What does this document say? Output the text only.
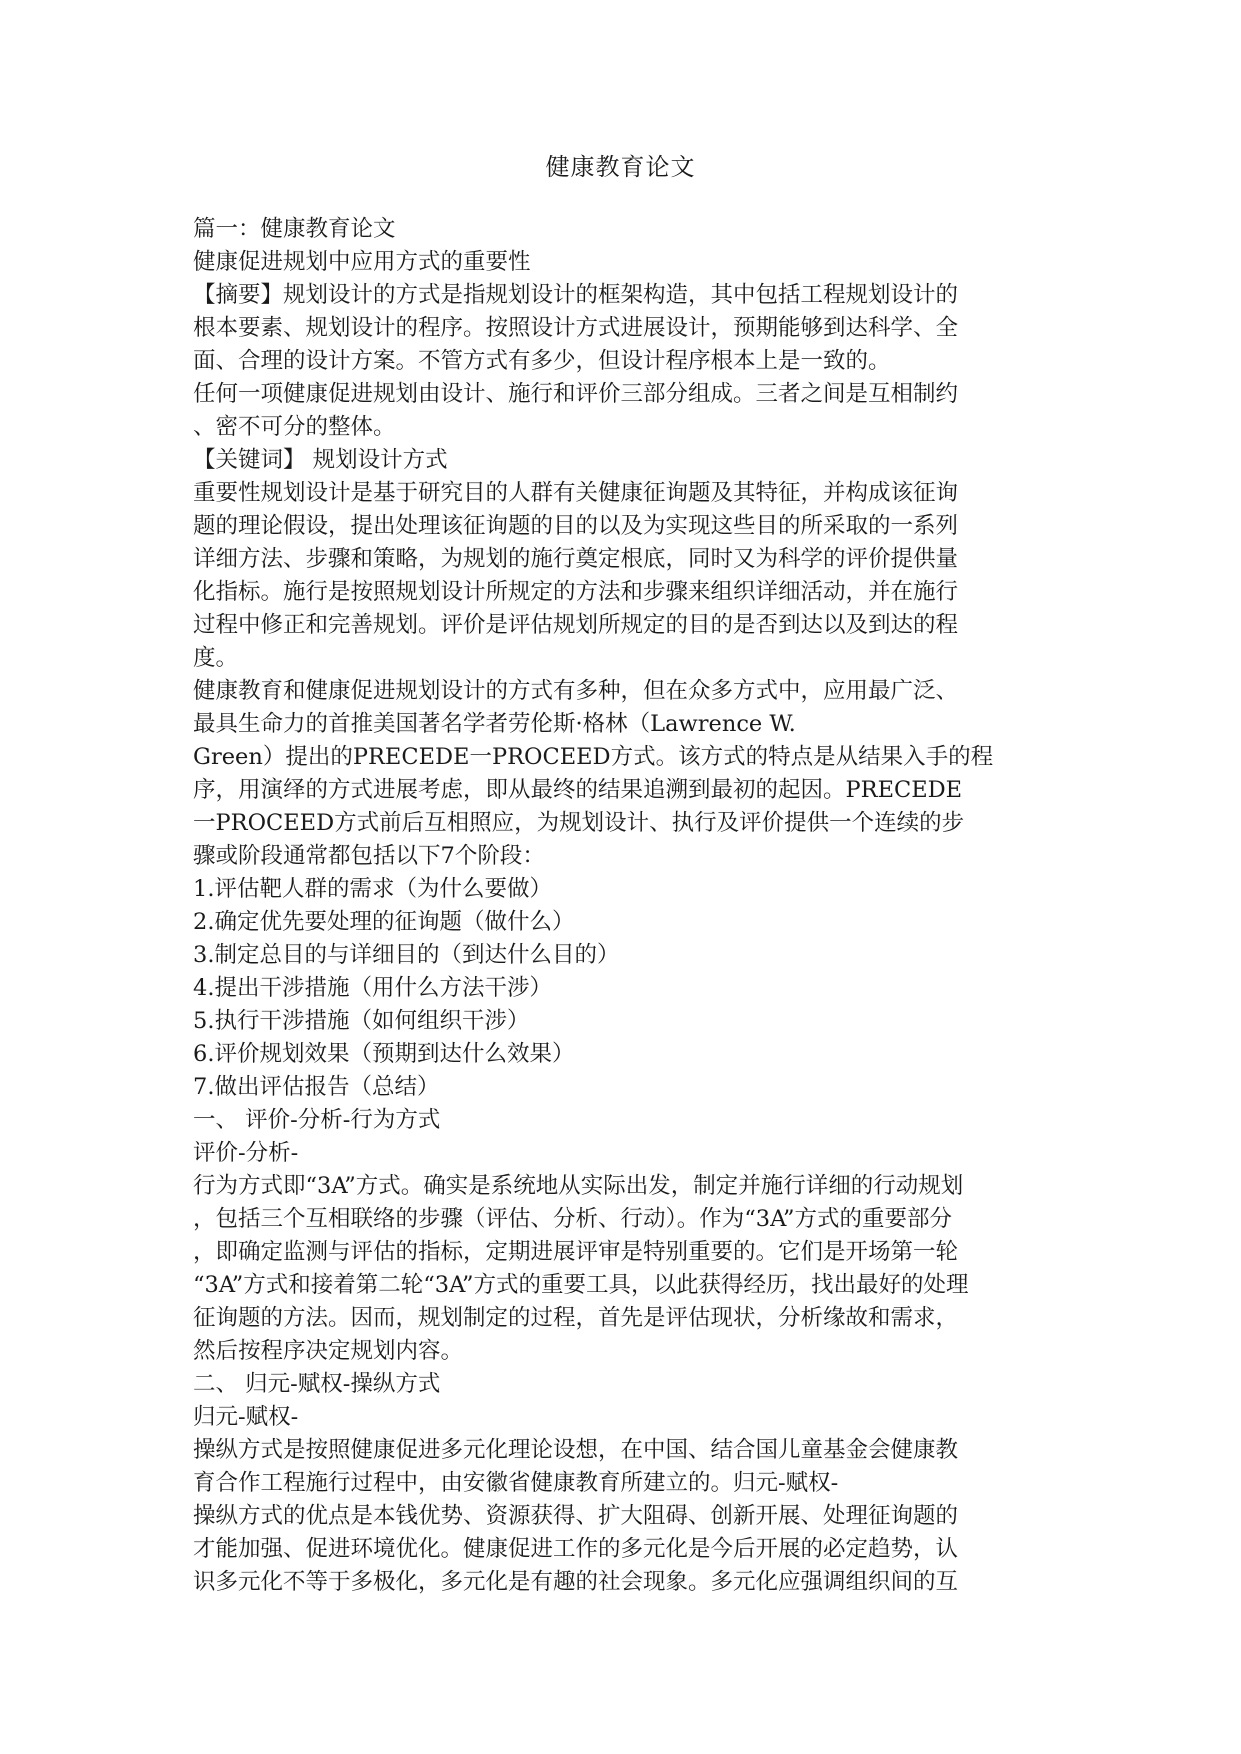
健康教育论文
篇一：健康教育论文
健康促进规划中应用方式的重要性
【摘要】规划设计的方式是指规划设计的框架构造，其中包括工程规划设计的
根本要素、规划设计的程序。按照设计方式进展设计，预期能够到达科学、全
面、合理的设计方案。不管方式有多少，但设计程序根本上是一致的。
任何一项健康促进规划由设计、施行和评价三部分组成。三者之间是互相制约
、密不可分的整体。
【关键词】 规划设计方式
重要性规划设计是基于研究目的人群有关健康征询题及其特征，并构成该征询
题的理论假设，提出处理该征询题的目的以及为实现这些目的所采取的一系列
详细方法、步骤和策略，为规划的施行奠定根底，同时又为科学的评价提供量
化指标。施行是按照规划设计所规定的方法和步骤来组织详细活动，并在施行
过程中修正和完善规划。评价是评估规划所规定的目的是否到达以及到达的程
度。
健康教育和健康促进规划设计的方式有多种，但在众多方式中，应用最广泛、
最具生命力的首推美国著名学者劳伦斯·格林（Lawrence W.
Green）提出的PRECEDE一PROCEED方式。该方式的特点是从结果入手的程
序，用演绎的方式进展考虑，即从最终的结果追溯到最初的起因。PRECEDE
一PROCEED方式前后互相照应，为规划设计、执行及评价提供一个连续的步
骤或阶段通常都包括以下7个阶段：
1.评估靶人群的需求（为什么要做）
2.确定优先要处理的征询题（做什么）
3.制定总目的与详细目的（到达什么目的）
4.提出干涉措施（用什么方法干涉）
5.执行干涉措施（如何组织干涉）
6.评价规划效果（预期到达什么效果）
7.做出评估报告（总结）
一、 评价-分析-行为方式
评价-分析-
行为方式即“3A”方式。确实是系统地从实际出发，制定并施行详细的行动规划
，包括三个互相联络的步骤（评估、分析、行动）。作为“3A”方式的重要部分
，即确定监测与评估的指标，定期进展评审是特别重要的。它们是开场第一轮
“3A”方式和接着第二轮“3A”方式的重要工具，以此获得经历，找出最好的处理
征询题的方法。因而，规划制定的过程，首先是评估现状，分析缘故和需求，
然后按程序决定规划内容。
二、 归元-赋权-操纵方式
归元-赋权-
操纵方式是按照健康促进多元化理论设想，在中国、结合国儿童基金会健康教
育合作工程施行过程中，由安徽省健康教育所建立的。归元-赋权-
操纵方式的优点是本钱优势、资源获得、扩大阻碍、创新开展、处理征询题的
才能加强、促进环境优化。健康促进工作的多元化是今后开展的必定趋势，认
识多元化不等于多极化，多元化是有趣的社会现象。多元化应强调组织间的互
